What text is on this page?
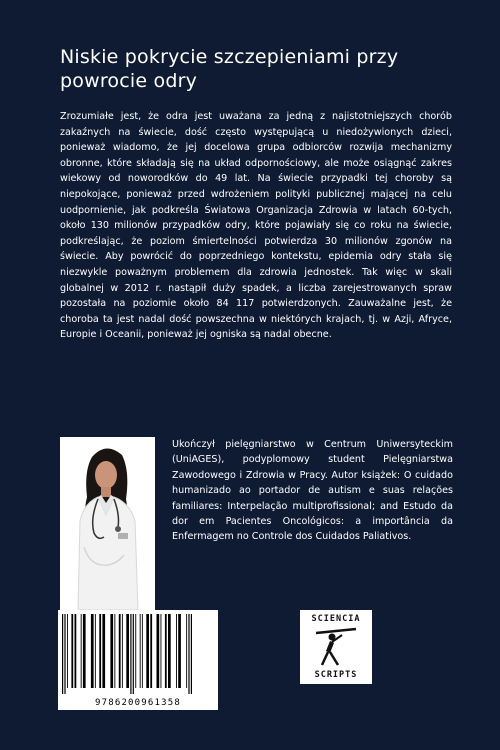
Niskie pokrycie szczepieniami przy powrocie odry

Zrozumiałe jest, że odra jest uważana za jedną z najistotniejszych chorób zakaźnych na świecie, dość często występującą u niedożywionych dzieci, ponieważ wiadomo, że jej docelowa grupa odbiorców rozwija mechanizmy obronne, które składają się na układ odpornościowy, ale może osiągnąć zakres wiekowy od noworodków do 49 lat. Na świecie przypadki tej choroby są niepokojące, ponieważ przed wdrożeniem polityki publicznej mającej na celu uodpornienie, jak podkreśla Światowa Organizacja Zdrowia w latach 60-tych, około 130 milionów przypadków odry, które pojawiały się co roku na świecie, podkreślając, że poziom śmiertelności potwierdza 30 milionów zgonów na świecie. Aby powrócić do poprzedniego kontekstu, epidemia odry stała się niezwykle poważnym problemem dla zdrowia jednostek. Tak więc w skali globalnej w 2012 r. nastąpił duży spadek, a liczba zarejestrowanych spraw pozostała na poziomie około 84 117 potwierdzonych. Zauważalne jest, że choroba ta jest nadal dość powszechna w niektórych krajach, tj. w Azji, Afryce, Europie i Oceanii, ponieważ jej ogniska są nadal obecne.

Ukończył pielęgniarstwo w Centrum Uniwersyteckim (UniAGES), podyplomowy student Pielęgniarstwa Zawodowego i Zdrowia w Pracy. Autor książek: O cuidado humanizado ao portador de autism e suas relações familiares: Interpelação multiprofissional; and Estudo da dor em Pacientes Oncológicos: a importância da Enfermagem no Controle dos Cuidados Paliativos.

9786200961358
SCIENCIA
SCRIPTS
